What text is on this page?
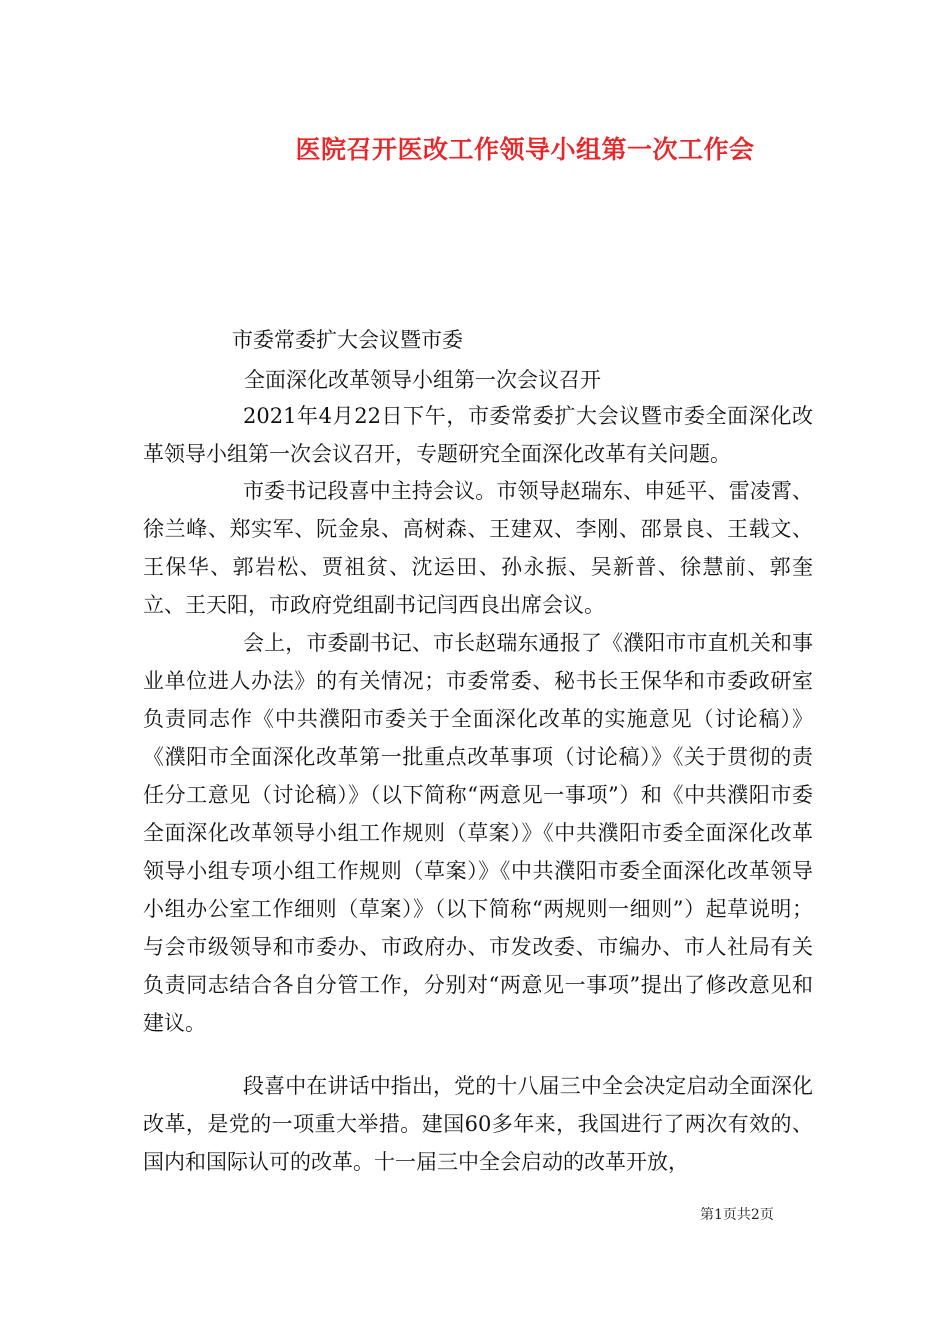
医院召开医改工作领导小组第一次工作会
市委常委扩大会议暨市委
全面深化改革领导小组第一次会议召开

2021年4月22日下午，市委常委扩大会议暨市委全面深化改革领导小组第一次会议召开，专题研究全面深化改革有关问题。

市委书记段喜中主持会议。市领导赵瑞东、申延平、雷凌霄、徐兰峰、郑实军、阮金泉、高树森、王建双、李刚、邵景良、王载文、王保华、郭岩松、贾祖贫、沈运田、孙永振、吴新普、徐慧前、郭奎立、王天阳，市政府党组副书记闫西良出席会议。

会上，市委副书记、市长赵瑞东通报了《濮阳市市直机关和事业单位进人办法》的有关情况；市委常委、秘书长王保华和市委政研室负责同志作《中共濮阳市委关于全面深化改革的实施意见（讨论稿）》《濮阳市全面深化改革第一批重点改革事项（讨论稿）》《关于贯彻的责任分工意见（讨论稿）》（以下简称“两意见一事项”）和《中共濮阳市委全面深化改革领导小组工作规则（草案）》《中共濮阳市委全面深化改革领导小组专项小组工作规则（草案）》《中共濮阳市委全面深化改革领导小组办公室工作细则（草案）》（以下简称“两规则一细则”）起草说明；与会市级领导和市委办、市政府办、市发改委、市编办、市人社局有关负责同志结合各自分管工作，分别对“两意见一事项”提出了修改意见和建议。

段喜中在讲话中指出，党的十八届三中全会决定启动全面深化改革，是党的一项重大举措。建国60多年来，我国进行了两次有效的、国内和国际认可的改革。十一届三中全会启动的改革开放，

第1页共2页
